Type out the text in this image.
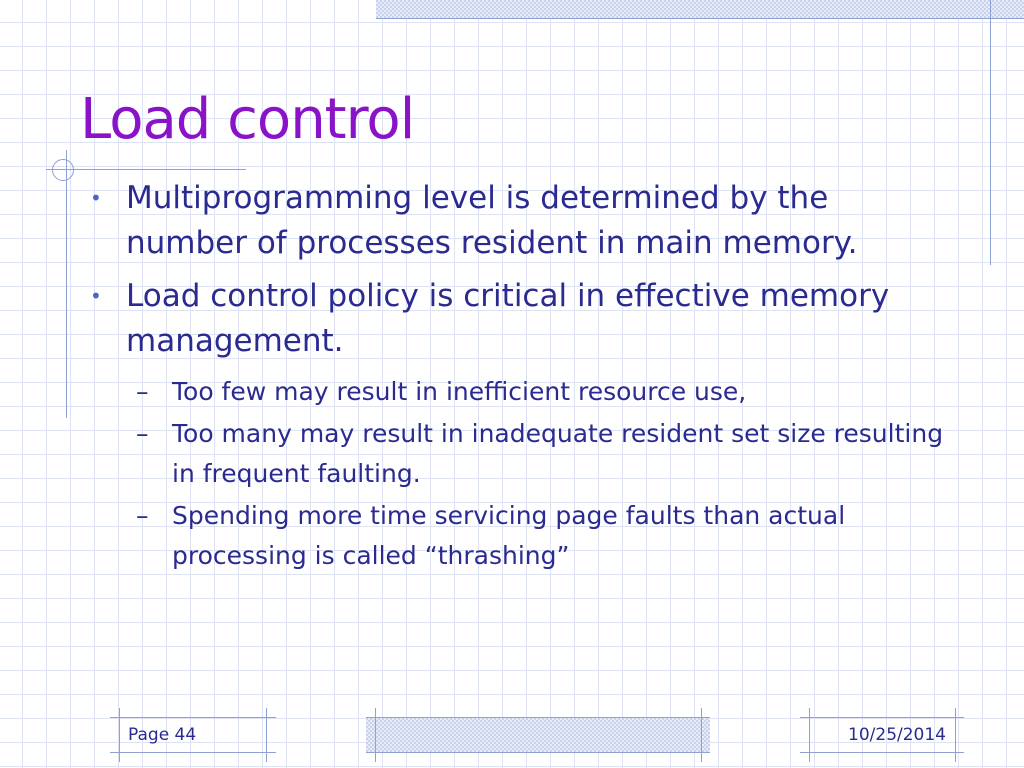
Load control
• Multiprogramming level is determined by the number of processes resident in main memory.
• Load control policy is critical in effective memory management.
– Too few may result in inefficient resource use,
– Too many may result in inadequate resident set size resulting in frequent faulting.
– Spending more time servicing page faults than actual processing is called “thrashing”
Page 44	10/25/2014
